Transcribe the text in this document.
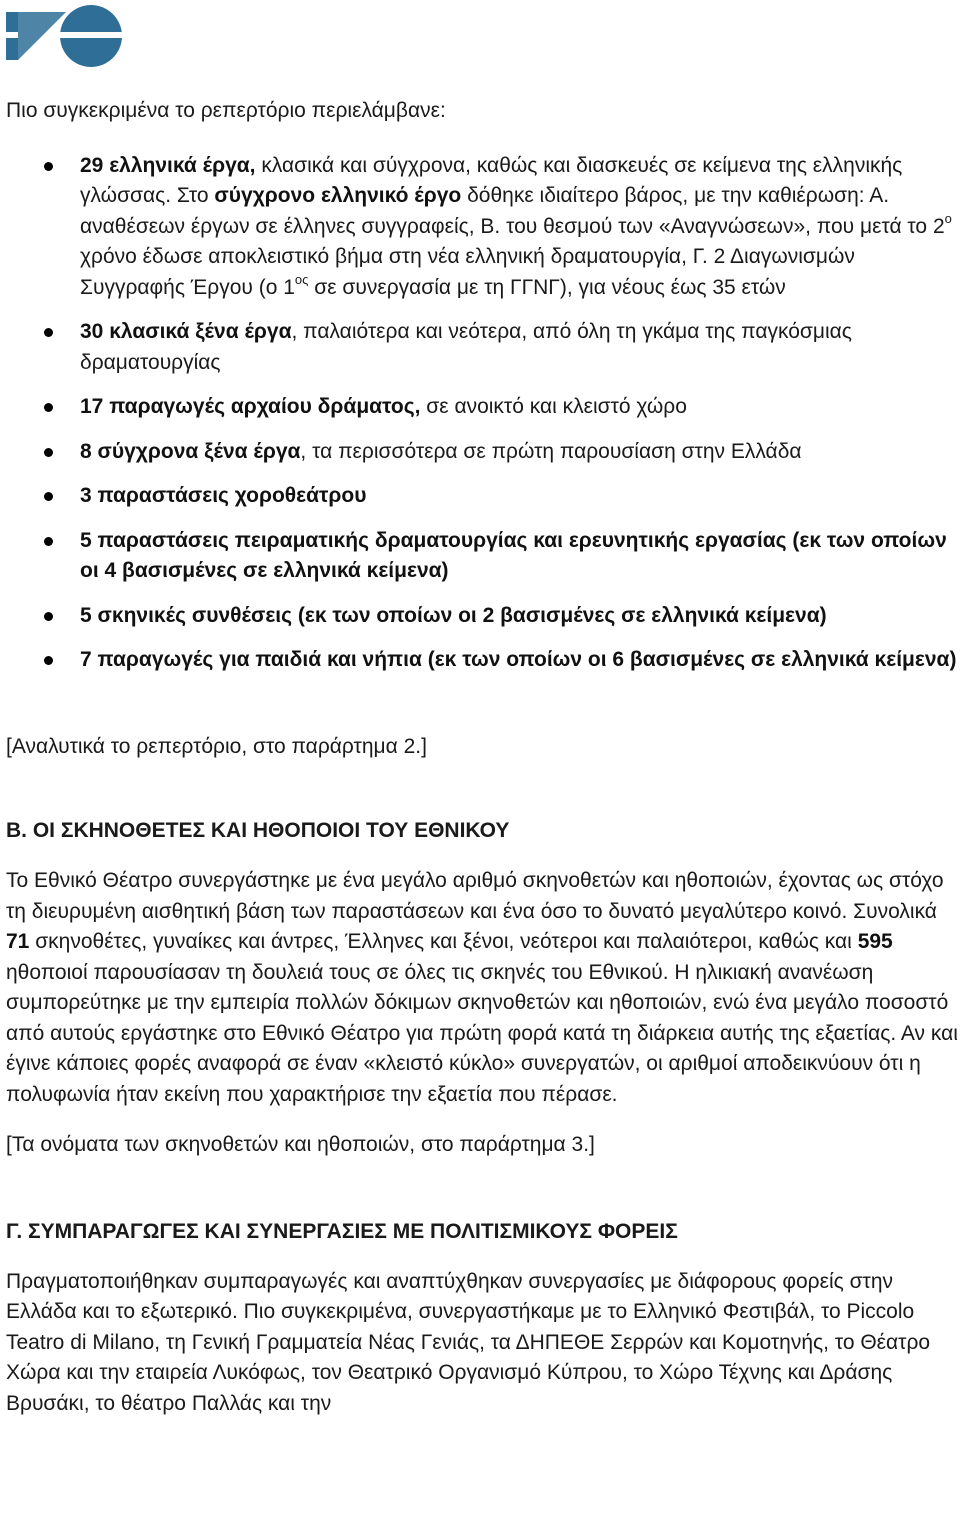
Πιο συγκεκριμένα το ρεπερτόριο περιελάμβανε:

29 ελληνικά έργα, κλασικά και σύγχρονα, καθώς και διασκευές σε κείμενα της ελληνικής γλώσσας. Στο σύγχρονο ελληνικό έργο δόθηκε ιδιαίτερο βάρος, με την καθιέρωση: Α. αναθέσεων έργων σε έλληνες συγγραφείς, Β. του θεσμού των «Αναγνώσεων», που μετά το $2^o$ χρόνο έδωσε αποκλειστικό βήμα στη νέα ελληνική δραματουργία, Γ. 2 Διαγωνισμών Συγγραφής Έργου (ο $1^{o\varsigma}$ σε συνεργασία με τη ΓΓΝΓ), για νέους έως 35 ετών
30 κλασικά ξένα έργα, παλαιότερα και νεότερα, από όλη τη γκάμα της παγκόσμιας δραματουργίας
17 παραγωγές αρχαίου δράματος, σε ανοικτό και κλειστό χώρο
8 σύγχρονα ξένα έργα, τα περισσότερα σε πρώτη παρουσίαση στην Ελλάδα
3 παραστάσεις χοροθεάτρου
5 παραστάσεις πειραματικής δραματουργίας και ερευνητικής εργασίας (εκ των οποίων οι 4 βασισμένες σε ελληνικά κείμενα)
5 σκηνικές συνθέσεις (εκ των οποίων οι 2 βασισμένες σε ελληνικά κείμενα)
7 παραγωγές για παιδιά και νήπια (εκ των οποίων οι 6 βασισμένες σε ελληνικά κείμενα)

[Αναλυτικά το ρεπερτόριο, στο παράρτημα 2.]

Β. ΟΙ ΣΚΗΝΟΘΕΤΕΣ ΚΑΙ ΗΘΟΠΟΙΟΙ ΤΟΥ ΕΘΝΙΚΟΥ

Το Εθνικό Θέατρο συνεργάστηκε με ένα μεγάλο αριθμό σκηνοθετών και ηθοποιών, έχοντας ως στόχο τη διευρυμένη αισθητική βάση των παραστάσεων και ένα όσο το δυνατό μεγαλύτερο κοινό. Συνολικά 71 σκηνοθέτες, γυναίκες και άντρες, Έλληνες και ξένοι, νεότεροι και παλαιότεροι, καθώς και 595 ηθοποιοί παρουσίασαν τη δουλειά τους σε όλες τις σκηνές του Εθνικού. Η ηλικιακή ανανέωση συμπορεύτηκε με την εμπειρία πολλών δόκιμων σκηνοθετών και ηθοποιών, ενώ ένα μεγάλο ποσοστό από αυτούς εργάστηκε στο Εθνικό Θέατρο για πρώτη φορά κατά τη διάρκεια αυτής της εξαετίας. Αν και έγινε κάποιες φορές αναφορά σε έναν «κλειστό κύκλο» συνεργατών, οι αριθμοί αποδεικνύουν ότι η πολυφωνία ήταν εκείνη που χαρακτήρισε την εξαετία που πέρασε.

[Τα ονόματα των σκηνοθετών και ηθοποιών, στο παράρτημα 3.]

Γ. ΣΥΜΠΑΡΑΓΩΓΕΣ ΚΑΙ ΣΥΝΕΡΓΑΣΙΕΣ ΜΕ ΠΟΛΙΤΙΣΜΙΚΟΥΣ ΦΟΡΕΙΣ

Πραγματοποιήθηκαν συμπαραγωγές και αναπτύχθηκαν συνεργασίες με διάφορους φορείς στην Ελλάδα και το εξωτερικό. Πιο συγκεκριμένα, συνεργαστήκαμε με το Ελληνικό Φεστιβάλ, το Piccolo Teatro di Milano, τη Γενική Γραμματεία Νέας Γενιάς, τα ΔΗΠΕΘΕ Σερρών και Κομοτηνής, το Θέατρο Χώρα και την εταιρεία Λυκόφως, τον Θεατρικό Οργανισμό Κύπρου, το Χώρο Τέχνης και Δράσης Βρυσάκι, το θέατρο Παλλάς και την
